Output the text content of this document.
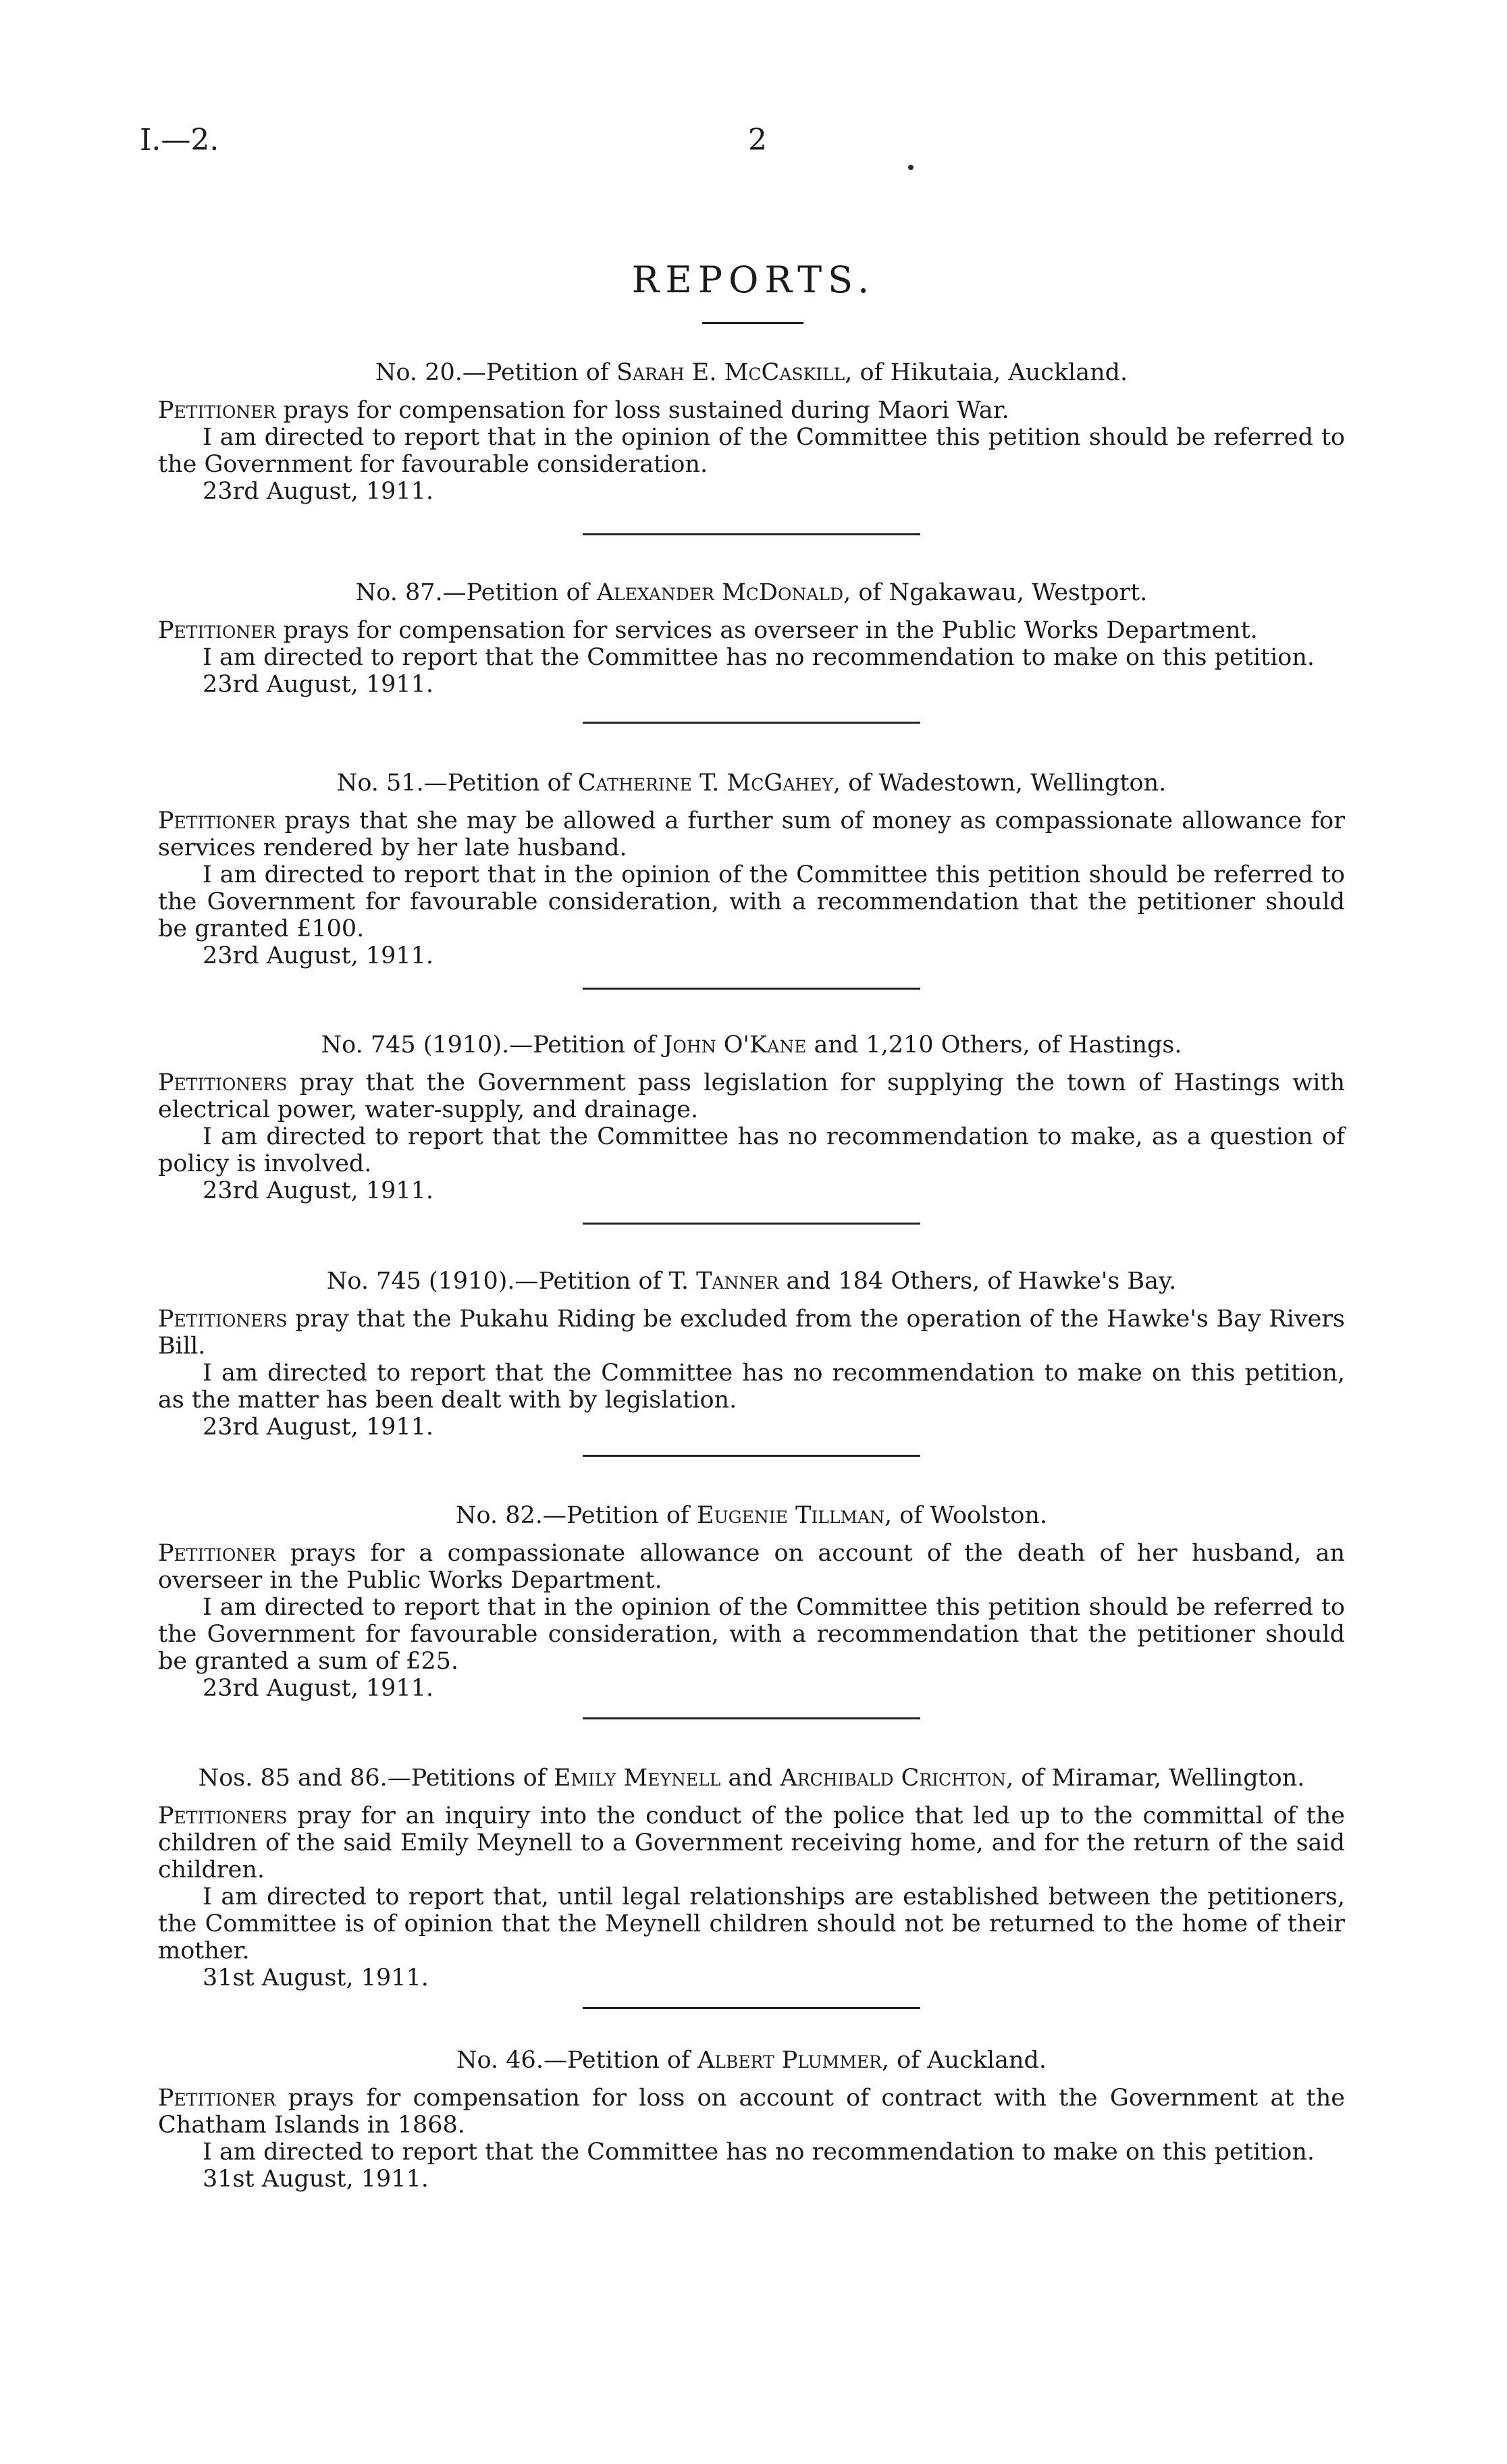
I.—2.	2
REPORTS.

No. 20.—Petition of Sarah E. McCaskill, of Hikutaia, Auckland.

Petitioner prays for compensation for loss sustained during Maori War.

I am directed to report that in the opinion of the Committee this petition should be referred to the Government for favourable consideration.

23rd August, 1911.

No. 87.—Petition of Alexander McDonald, of Ngakawau, Westport.

Petitioner prays for compensation for services as overseer in the Public Works Department.

I am directed to report that the Committee has no recommendation to make on this petition.

23rd August, 1911.

No. 51.—Petition of Catherine T. McGahey, of Wadestown, Wellington.

Petitioner prays that she may be allowed a further sum of money as compassionate allowance for services rendered by her late husband.

I am directed to report that in the opinion of the Committee this petition should be referred to the Government for favourable consideration, with a recommendation that the petitioner should be granted £100.

23rd August, 1911.

No. 745 (1910).—Petition of John O'Kane and 1,210 Others, of Hastings.

Petitioners pray that the Government pass legislation for supplying the town of Hastings with electrical power, water-supply, and drainage.

I am directed to report that the Committee has no recommendation to make, as a question of policy is involved.

23rd August, 1911.

No. 745 (1910).—Petition of T. Tanner and 184 Others, of Hawke's Bay.

Petitioners pray that the Pukahu Riding be excluded from the operation of the Hawke's Bay Rivers Bill.

I am directed to report that the Committee has no recommendation to make on this petition, as the matter has been dealt with by legislation.

23rd August, 1911.

No. 82.—Petition of Eugenie Tillman, of Woolston.

Petitioner prays for a compassionate allowance on account of the death of her husband, an overseer in the Public Works Department.

I am directed to report that in the opinion of the Committee this petition should be referred to the Government for favourable consideration, with a recommendation that the petitioner should be granted a sum of £25.

23rd August, 1911.

Nos. 85 and 86.—Petitions of Emily Meynell and Archibald Crichton, of Miramar, Wellington.

Petitioners pray for an inquiry into the conduct of the police that led up to the committal of the children of the said Emily Meynell to a Government receiving home, and for the return of the said children.

I am directed to report that, until legal relationships are established between the petitioners, the Committee is of opinion that the Meynell children should not be returned to the home of their mother.

31st August, 1911.

No. 46.—Petition of Albert Plummer, of Auckland.

Petitioner prays for compensation for loss on account of contract with the Government at the Chatham Islands in 1868.

I am directed to report that the Committee has no recommendation to make on this petition.

31st August, 1911.
